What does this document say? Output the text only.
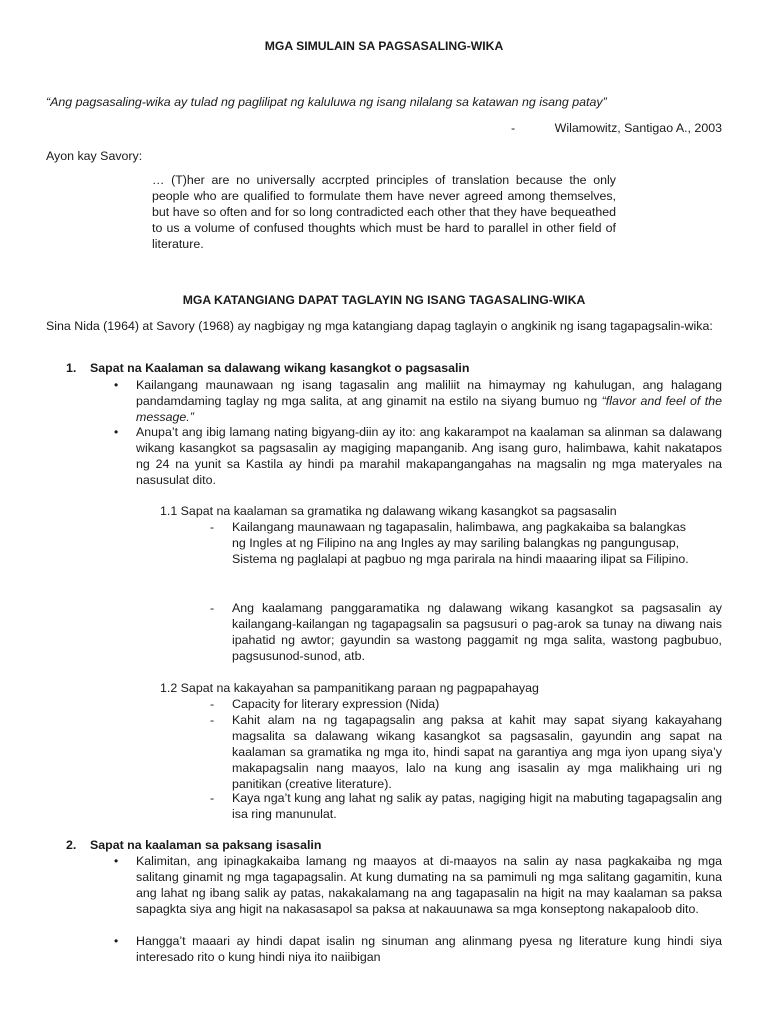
MGA SIMULAIN SA PAGSASALING-WIKA
“Ang pagsasaling-wika ay tulad ng paglilipat ng kaluluwa ng isang nilalang sa katawan ng isang patay”
-	Wilamowitz, Santigao A., 2003
Ayon kay Savory:
… (T)her are no universally accrpted principles of translation because the only people who are qualified to formulate them have never agreed among themselves, but have so often and for so long contradicted each other that they have bequeathed to us a volume of confused thoughts which must be hard to parallel in other field of literature.
MGA KATANGIANG DAPAT TAGLAYIN NG ISANG TAGASALING-WIKA
Sina Nida (1964) at Savory (1968) ay nagbigay ng mga katangiang dapag taglayin o angkinik ng isang tagapagsalin-wika:
1. Sapat na Kaalaman sa dalawang wikang kasangkot o pagsasalin
• Kailangang maunawaan ng isang tagasalin ang maliliit na himaymay ng kahulugan, ang halagang pandamdaming taglay ng mga salita, at ang ginamit na estilo na siyang bumuo ng “flavor and feel of the message.”
• Anupa’t ang ibig lamang nating bigyang-diin ay ito: ang kakarampot na kaalaman sa alinman sa dalawang wikang kasangkot sa pagsasalin ay magiging mapanganib. Ang isang guro, halimbawa, kahit nakatapos ng 24 na yunit sa Kastila ay hindi pa marahil makapangangahas na magsalin ng mga materyales na nasusulat dito.
1.1 Sapat na kaalaman sa gramatika ng dalawang wikang kasangkot sa pagsasalin
- Kailangang maunawaan ng tagapasalin, halimbawa, ang pagkakaiba sa balangkas ng Ingles at ng Filipino na ang Ingles ay may sariling balangkas ng pangungusap, Sistema ng paglalapi at pagbuo ng mga parirala na hindi maaaring ilipat sa Filipino.
- Ang kaalamang panggaramatika ng dalawang wikang kasangkot sa pagsasalin ay kailangang-kailangan ng tagapagsalin sa pagsusuri o pag-arok sa tunay na diwang nais ipahatid ng awtor; gayundin sa wastong paggamit ng mga salita, wastong pagbubuo, pagsusunod-sunod, atb.
1.2 Sapat na kakayahan sa pampanitikang paraan ng pagpapahayag
- Capacity for literary expression (Nida)
- Kahit alam na ng tagapagsalin ang paksa at kahit may sapat siyang kakayahang magsalita sa dalawang wikang kasangkot sa pagsasalin, gayundin ang sapat na kaalaman sa gramatika ng mga ito, hindi sapat na garantiya ang mga iyon upang siya’y makapagsalin nang maayos, lalo na kung ang isasalin ay mga malikhaing uri ng panitikan (creative literature).
- Kaya nga’t kung ang lahat ng salik ay patas, nagiging higit na mabuting tagapagsalin ang isa ring manunulat.
2. Sapat na kaalaman sa paksang isasalin
• Kalimitan, ang ipinagkakaiba lamang ng maayos at di-maayos na salin ay nasa pagkakaiba ng mga salitang ginamit ng mga tagapagsalin. At kung dumating na sa pamimuli ng mga salitang gagamitin, kuna ang lahat ng ibang salik ay patas, nakakalamang na ang tagapasalin na higit na may kaalaman sa paksa sapagkta siya ang higit na nakasasapol sa paksa at nakauunawa sa mga konseptong nakapaloob dito.
• Hangga’t maaari ay hindi dapat isalin ng sinuman ang alinmang pyesa ng literature kung hindi siya interesado rito o kung hindi niya ito naiibigan
